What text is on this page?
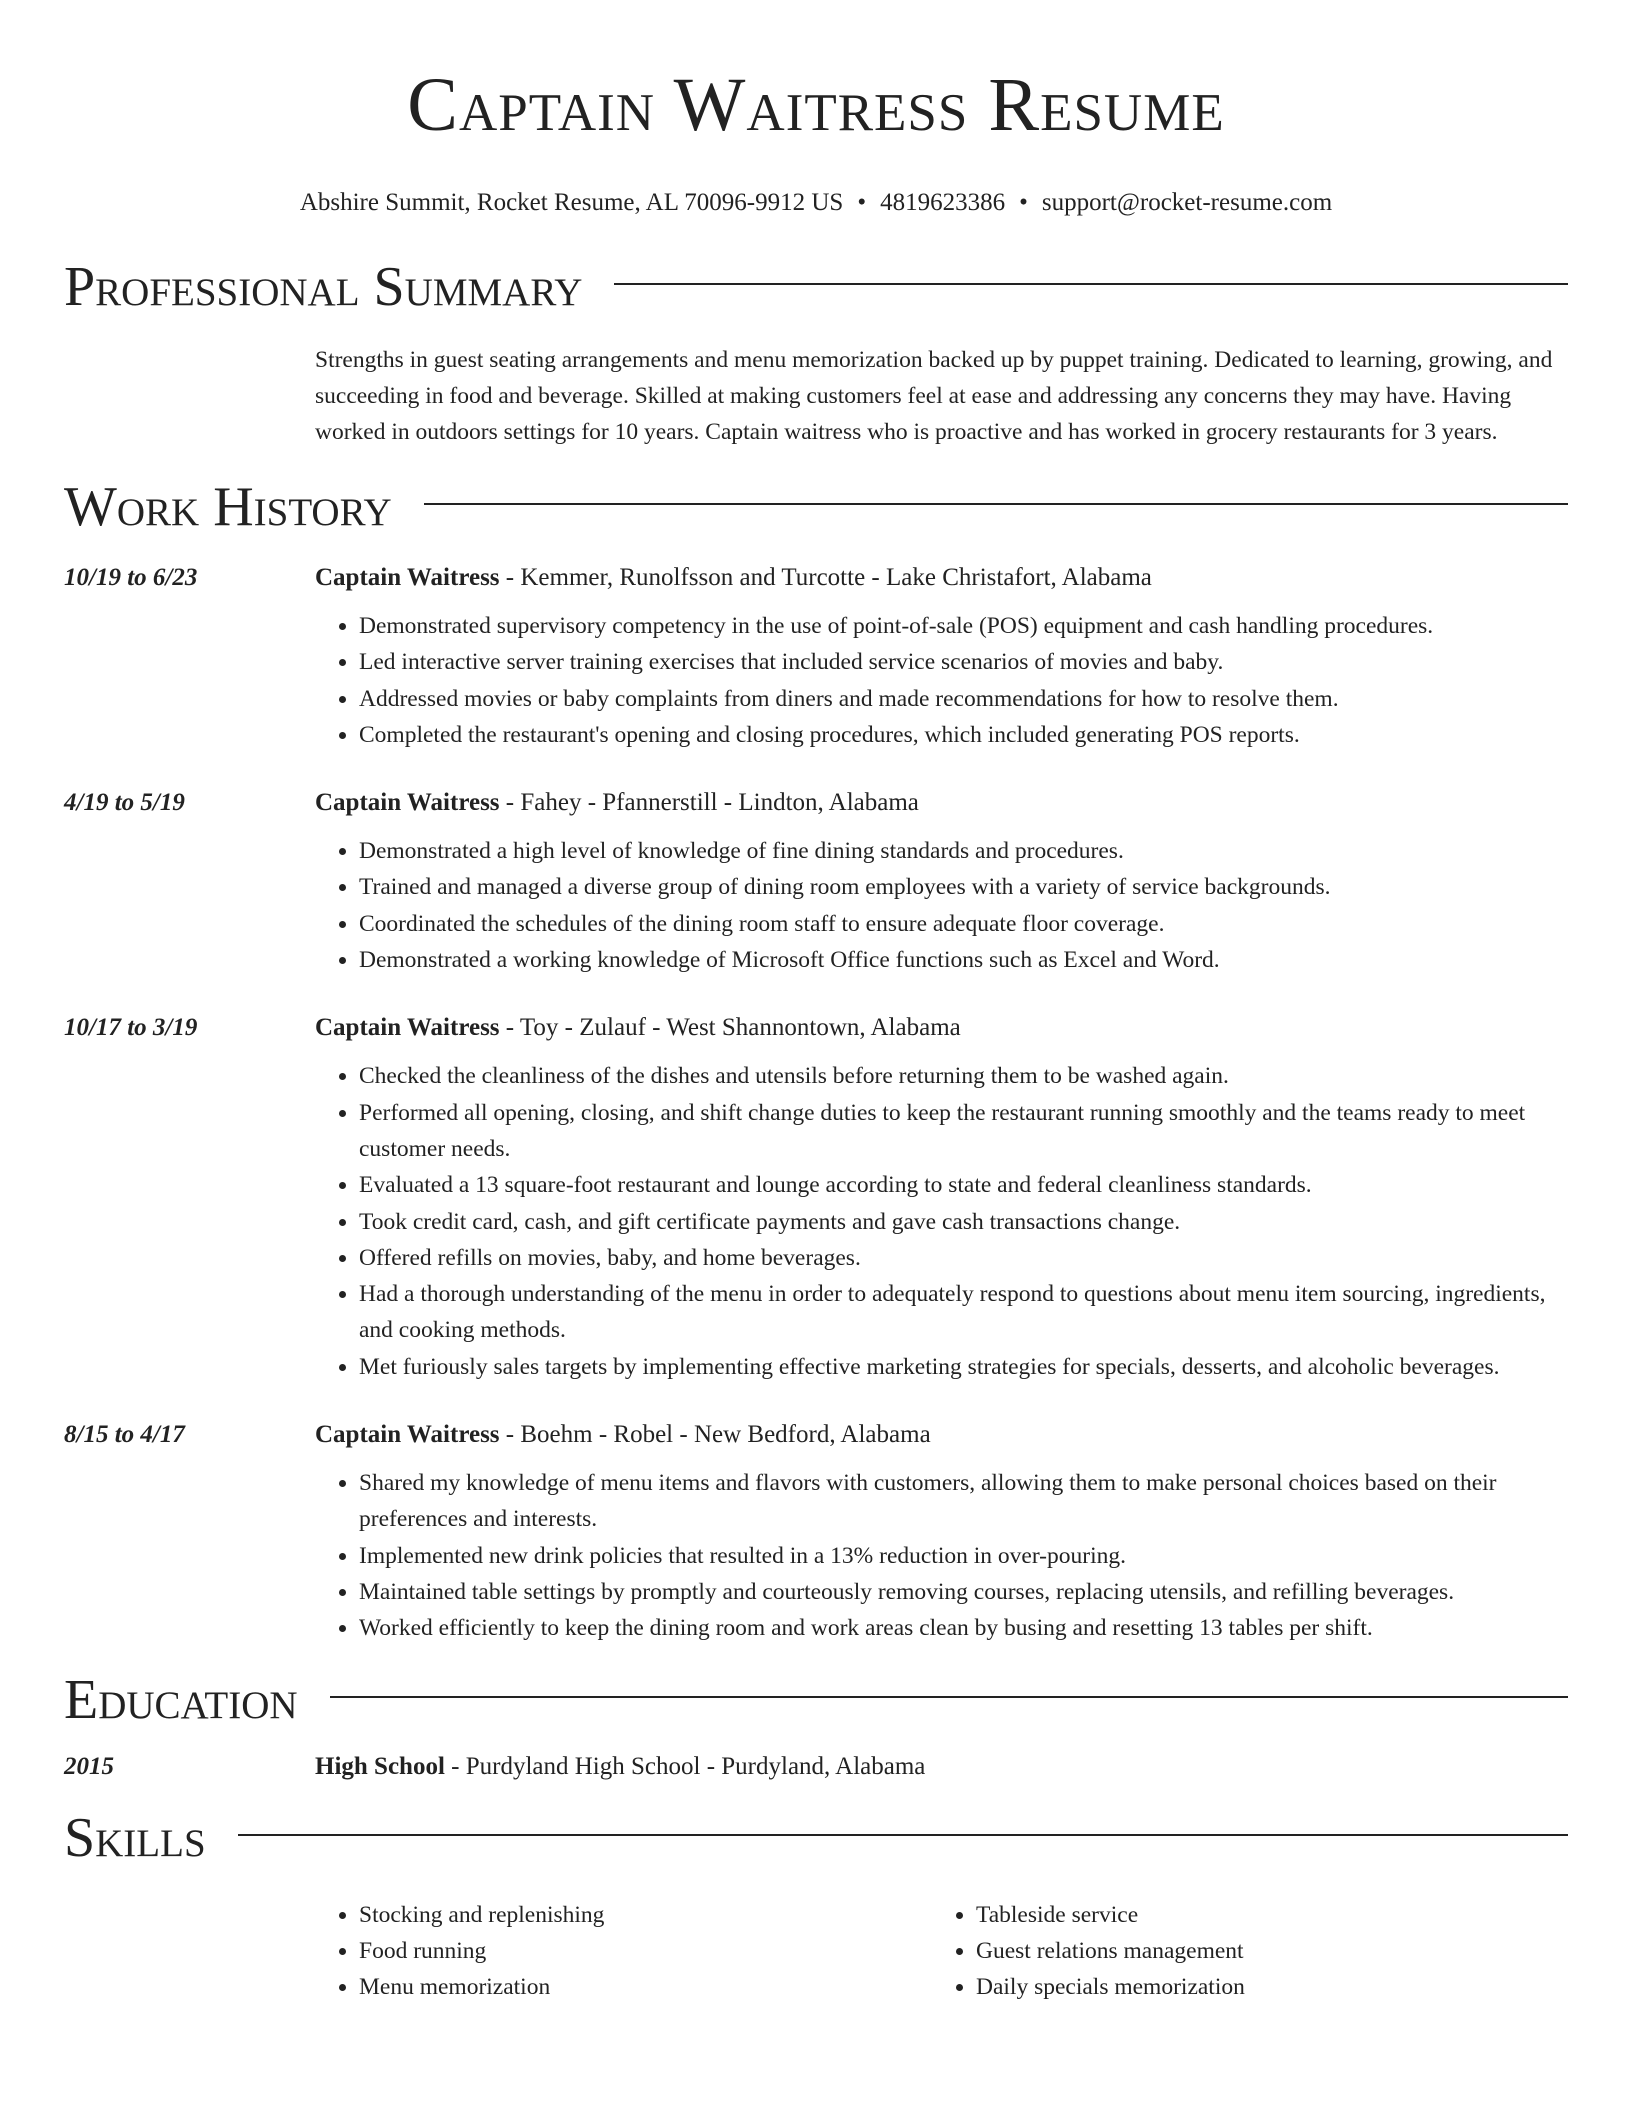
Captain Waitress Resume
Abshire Summit, Rocket Resume, AL 70096-9912 US • 4819623386 • support@rocket-resume.com
Professional Summary
Strengths in guest seating arrangements and menu memorization backed up by puppet training. Dedicated to learning, growing, and succeeding in food and beverage. Skilled at making customers feel at ease and addressing any concerns they may have. Having worked in outdoors settings for 10 years. Captain waitress who is proactive and has worked in grocery restaurants for 3 years.
Work History
10/19 to 6/23	Captain Waitress - Kemmer, Runolfsson and Turcotte - Lake Christafort, Alabama
• Demonstrated supervisory competency in the use of point-of-sale (POS) equipment and cash handling procedures.
• Led interactive server training exercises that included service scenarios of movies and baby.
• Addressed movies or baby complaints from diners and made recommendations for how to resolve them.
• Completed the restaurant's opening and closing procedures, which included generating POS reports.
4/19 to 5/19	Captain Waitress - Fahey - Pfannerstill - Lindton, Alabama
• Demonstrated a high level of knowledge of fine dining standards and procedures.
• Trained and managed a diverse group of dining room employees with a variety of service backgrounds.
• Coordinated the schedules of the dining room staff to ensure adequate floor coverage.
• Demonstrated a working knowledge of Microsoft Office functions such as Excel and Word.
10/17 to 3/19	Captain Waitress - Toy - Zulauf - West Shannontown, Alabama
• Checked the cleanliness of the dishes and utensils before returning them to be washed again.
• Performed all opening, closing, and shift change duties to keep the restaurant running smoothly and the teams ready to meet customer needs.
• Evaluated a 13 square-foot restaurant and lounge according to state and federal cleanliness standards.
• Took credit card, cash, and gift certificate payments and gave cash transactions change.
• Offered refills on movies, baby, and home beverages.
• Had a thorough understanding of the menu in order to adequately respond to questions about menu item sourcing, ingredients, and cooking methods.
• Met furiously sales targets by implementing effective marketing strategies for specials, desserts, and alcoholic beverages.
8/15 to 4/17	Captain Waitress - Boehm - Robel - New Bedford, Alabama
• Shared my knowledge of menu items and flavors with customers, allowing them to make personal choices based on their preferences and interests.
• Implemented new drink policies that resulted in a 13% reduction in over-pouring.
• Maintained table settings by promptly and courteously removing courses, replacing utensils, and refilling beverages.
• Worked efficiently to keep the dining room and work areas clean by busing and resetting 13 tables per shift.
Education
2015	High School - Purdyland High School - Purdyland, Alabama
Skills
• Stocking and replenishing
• Food running
• Menu memorization
• Tableside service
• Guest relations management
• Daily specials memorization
